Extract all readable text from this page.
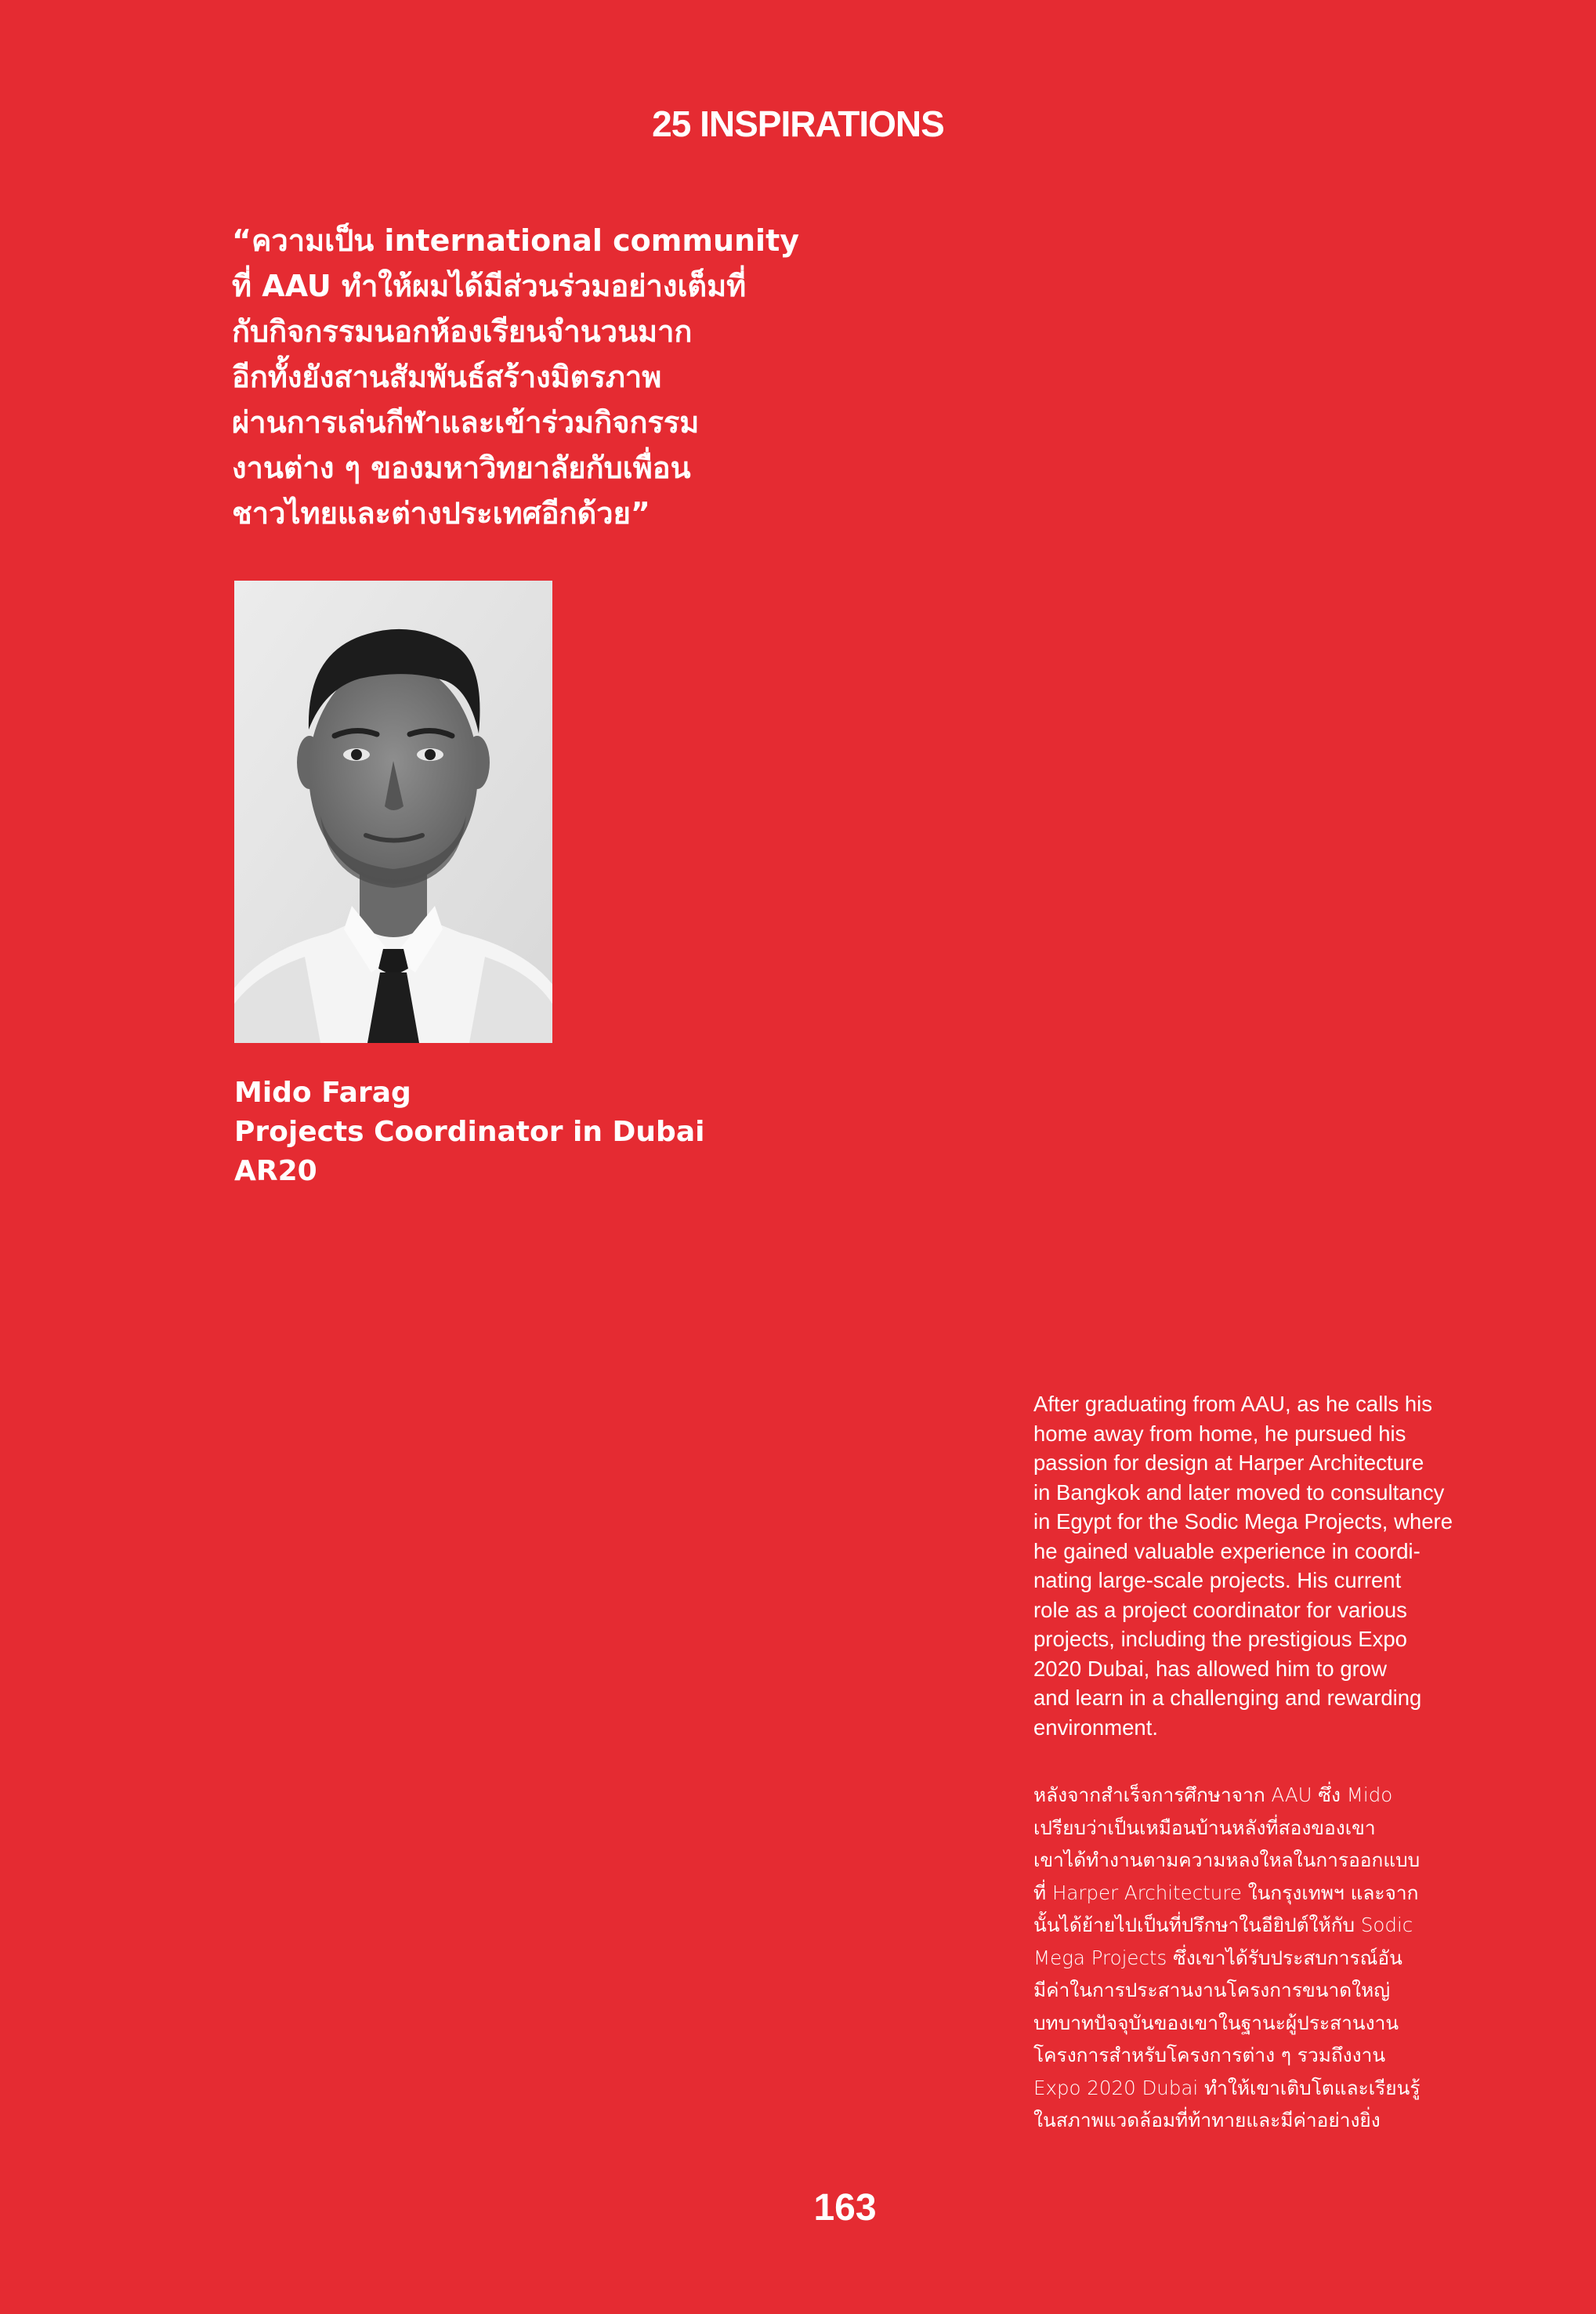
25 INSPIRATIONS
“ความเป็น international community
ที่ AAU ทำให้ผมได้มีส่วนร่วมอย่างเต็มที่
กับกิจกรรมนอกห้องเรียนจำนวนมาก
อีกทั้งยังสานสัมพันธ์สร้างมิตรภาพ
ผ่านการเล่นกีฬาและเข้าร่วมกิจกรรม
งานต่าง ๆ ของมหาวิทยาลัยกับเพื่อน
ชาวไทยและต่างประเทศอีกด้วย”
Mido Farag
Projects Coordinator in Dubai
AR20
After graduating from AAU, as he calls his
home away from home, he pursued his
passion for design at Harper Architecture
in Bangkok and later moved to consultancy
in Egypt for the Sodic Mega Projects, where
he gained valuable experience in coordi-
nating large-scale projects. His current
role as a project coordinator for various
projects, including the prestigious Expo
2020 Dubai, has allowed him to grow
and learn in a challenging and rewarding
environment.
หลังจากสำเร็จการศึกษาจาก AAU ซึ่ง Mido
เปรียบว่าเป็นเหมือนบ้านหลังที่สองของเขา
เขาได้ทำงานตามความหลงใหลในการออกแบบ
ที่ Harper Architecture ในกรุงเทพฯ และจาก
นั้นได้ย้ายไปเป็นที่ปรึกษาในอียิปต์ให้กับ Sodic
Mega Projects ซึ่งเขาได้รับประสบการณ์อัน
มีค่าในการประสานงานโครงการขนาดใหญ่
บทบาทปัจจุบันของเขาในฐานะผู้ประสานงาน
โครงการสำหรับโครงการต่าง ๆ รวมถึงงาน
Expo 2020 Dubai ทำให้เขาเติบโตและเรียนรู้
ในสภาพแวดล้อมที่ท้าทายและมีค่าอย่างยิ่ง
163
